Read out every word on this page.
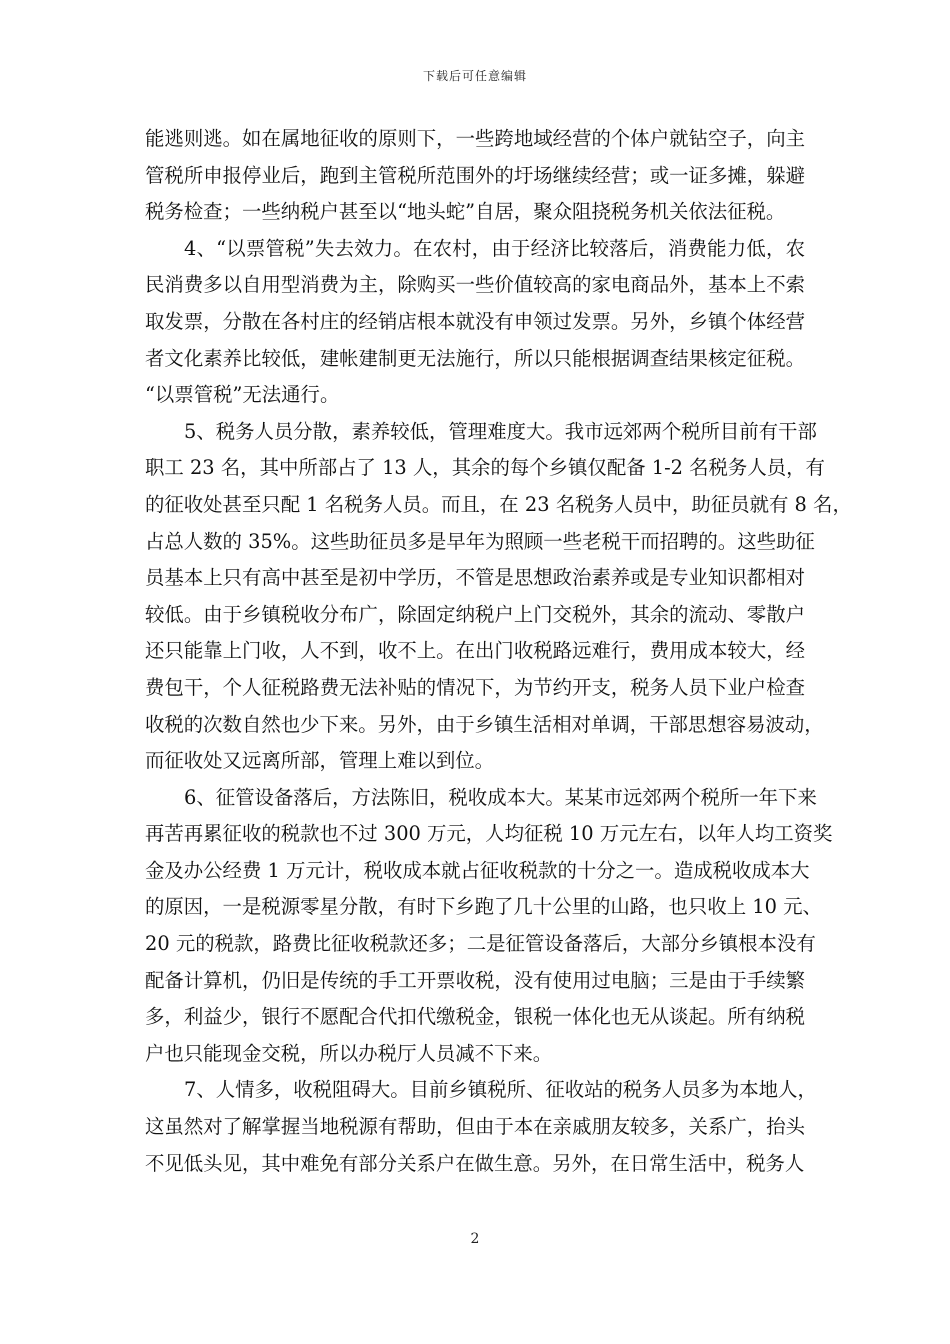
下载后可任意编辑
能逃则逃。如在属地征收的原则下，一些跨地域经营的个体户就钻空子，向主
管税所申报停业后，跑到主管税所范围外的圩场继续经营；或一证多摊，躲避
税务检查；一些纳税户甚至以“地头蛇”自居，聚众阻挠税务机关依法征税。
4、“以票管税”失去效力。在农村，由于经济比较落后，消费能力低，农
民消费多以自用型消费为主，除购买一些价值较高的家电商品外，基本上不索
取发票，分散在各村庄的经销店根本就没有申领过发票。另外，乡镇个体经营
者文化素养比较低，建帐建制更无法施行，所以只能根据调查结果核定征税。
“以票管税”无法通行。
5、税务人员分散，素养较低，管理难度大。我市远郊两个税所目前有干部
职工 23 名，其中所部占了 13 人，其余的每个乡镇仅配备 1-2 名税务人员，有
的征收处甚至只配 1 名税务人员。而且，在 23 名税务人员中，助征员就有 8 名，
占总人数的 35%。这些助征员多是早年为照顾一些老税干而招聘的。这些助征
员基本上只有高中甚至是初中学历，不管是思想政治素养或是专业知识都相对
较低。由于乡镇税收分布广，除固定纳税户上门交税外，其余的流动、零散户
还只能靠上门收，人不到，收不上。在出门收税路远难行，费用成本较大，经
费包干，个人征税路费无法补贴的情况下，为节约开支，税务人员下业户检查
收税的次数自然也少下来。另外，由于乡镇生活相对单调，干部思想容易波动，
而征收处又远离所部，管理上难以到位。
6、征管设备落后，方法陈旧，税收成本大。某某市远郊两个税所一年下来
再苦再累征收的税款也不过 300 万元，人均征税 10 万元左右，以年人均工资奖
金及办公经费 1 万元计，税收成本就占征收税款的十分之一。造成税收成本大
的原因，一是税源零星分散，有时下乡跑了几十公里的山路，也只收上 10 元、
20 元的税款，路费比征收税款还多；二是征管设备落后，大部分乡镇根本没有
配备计算机，仍旧是传统的手工开票收税，没有使用过电脑；三是由于手续繁
多，利益少，银行不愿配合代扣代缴税金，银税一体化也无从谈起。所有纳税
户也只能现金交税，所以办税厅人员减不下来。
7、人情多，收税阻碍大。目前乡镇税所、征收站的税务人员多为本地人，
这虽然对了解掌握当地税源有帮助，但由于本在亲戚朋友较多，关系广，抬头
不见低头见，其中难免有部分关系户在做生意。另外，在日常生活中，税务人
2
